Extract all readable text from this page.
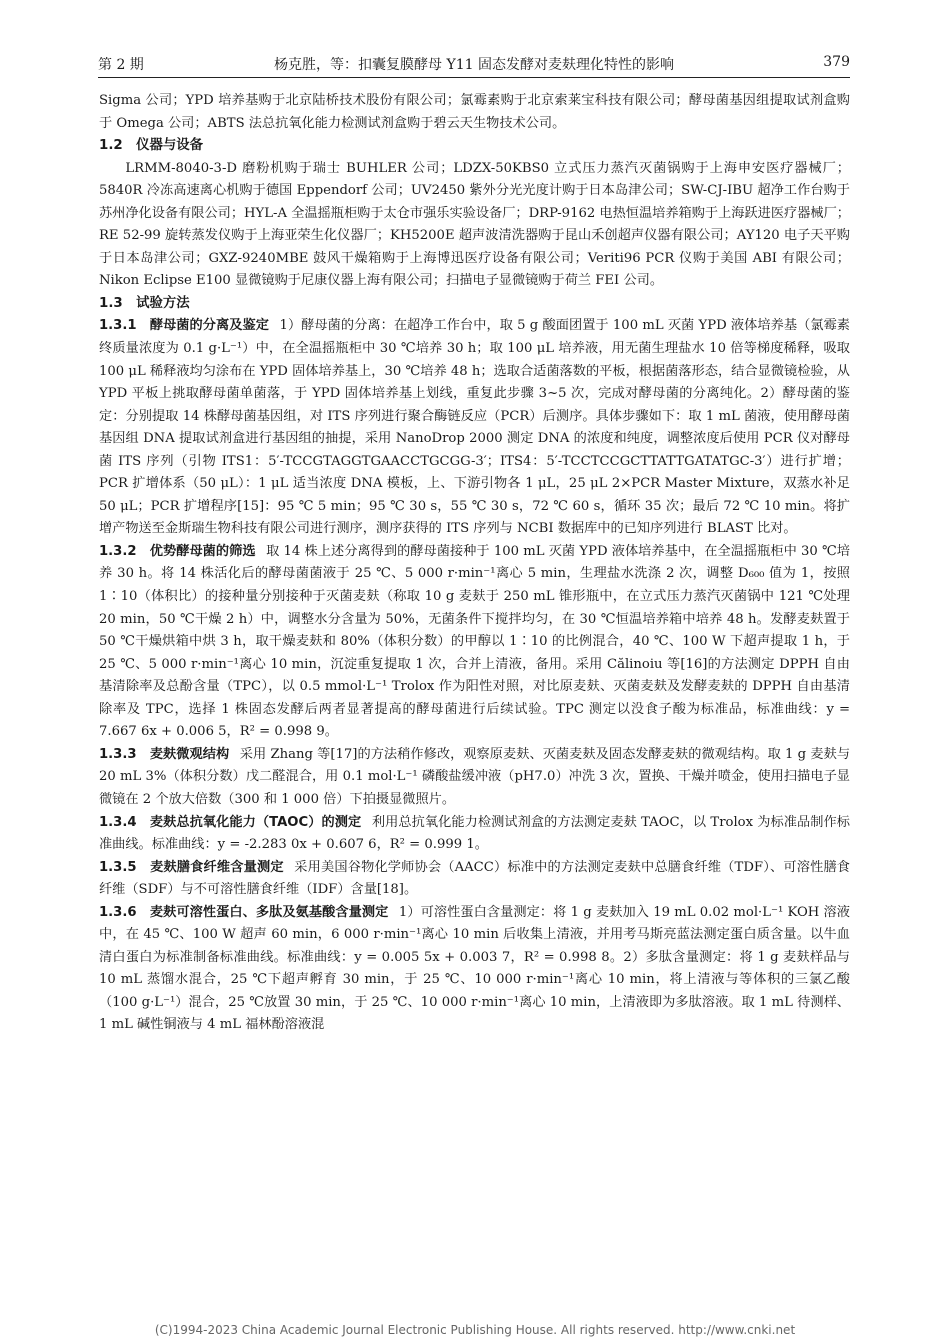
第 2 期	杨克胜，等：扣囊复膜酵母 Y11 固态发酵对麦麸理化特性的影响	379

Sigma 公司；YPD 培养基购于北京陆桥技术股份有限公司；氯霉素购于北京索莱宝科技有限公司；酵母菌基因组提取试剂盒购于 Omega 公司；ABTS 法总抗氧化能力检测试剂盒购于碧云天生物技术公司。

1.2　仪器与设备

LRMM-8040-3-D 磨粉机购于瑞士 BUHLER 公司；LDZX-50KBS0 立式压力蒸汽灭菌锅购于上海申安医疗器械厂；5840R 冷冻高速离心机购于德国 Eppendorf 公司；UV2450 紫外分光光度计购于日本岛津公司；SW-CJ-IBU 超净工作台购于苏州净化设备有限公司；HYL-A 全温摇瓶柜购于太仓市强乐实验设备厂；DRP-9162 电热恒温培养箱购于上海跃进医疗器械厂；RE 52-99 旋转蒸发仪购于上海亚荣生化仪器厂；KH5200E 超声波清洗器购于昆山禾创超声仪器有限公司；AY120 电子天平购于日本岛津公司；GXZ-9240MBE 鼓风干燥箱购于上海博迅医疗设备有限公司；Veriti96 PCR 仪购于美国 ABI 有限公司；Nikon Eclipse E100 显微镜购于尼康仪器上海有限公司；扫描电子显微镜购于荷兰 FEI 公司。

1.3　试验方法

1.3.1　酵母菌的分离及鉴定 1）酵母菌的分离：在超净工作台中，取 5 g 酸面团置于 100 mL 灭菌 YPD 液体培养基（氯霉素终质量浓度为 0.1 g·L⁻¹）中，在全温摇瓶柜中 30 ℃培养 30 h；取 100 μL 培养液，用无菌生理盐水 10 倍等梯度稀释，吸取 100 μL 稀释液均匀涂布在 YPD 固体培养基上，30 ℃培养 48 h；选取合适菌落数的平板，根据菌落形态，结合显微镜检验，从 YPD 平板上挑取酵母菌单菌落，于 YPD 固体培养基上划线，重复此步骤 3~5 次，完成对酵母菌的分离纯化。2）酵母菌的鉴定：分别提取 14 株酵母菌基因组，对 ITS 序列进行聚合酶链反应（PCR）后测序。具体步骤如下：取 1 mL 菌液，使用酵母菌基因组 DNA 提取试剂盒进行基因组的抽提，采用 NanoDrop 2000 测定 DNA 的浓度和纯度，调整浓度后使用 PCR 仪对酵母菌 ITS 序列（引物 ITS1：5′-TCCGTAGGTGAACCTGCGG-3′；ITS4：5′-TCCTCCGCTTATTGATATGC-3′）进行扩增；PCR 扩增体系（50 μL）：1 μL 适当浓度 DNA 模板，上、下游引物各 1 μL，25 μL 2×PCR Master Mixture，双蒸水补足 50 μL；PCR 扩增程序[15]：95 ℃ 5 min；95 ℃ 30 s，55 ℃ 30 s，72 ℃ 60 s，循环 35 次；最后 72 ℃ 10 min。将扩增产物送至金斯瑞生物科技有限公司进行测序，测序获得的 ITS 序列与 NCBI 数据库中的已知序列进行 BLAST 比对。

1.3.2　优势酵母菌的筛选 取 14 株上述分离得到的酵母菌接种于 100 mL 灭菌 YPD 液体培养基中，在全温摇瓶柜中 30 ℃培养 30 h。将 14 株活化后的酵母菌菌液于 25 ℃、5 000 r·min⁻¹离心 5 min，生理盐水洗涤 2 次，调整 D₆₀₀ 值为 1，按照 1∶10（体积比）的接种量分别接种于灭菌麦麸（称取 10 g 麦麸于 250 mL 锥形瓶中，在立式压力蒸汽灭菌锅中 121 ℃处理 20 min，50 ℃干燥 2 h）中，调整水分含量为 50%，无菌条件下搅拌均匀，在 30 ℃恒温培养箱中培养 48 h。发酵麦麸置于 50 ℃干燥烘箱中烘 3 h，取干燥麦麸和 80%（体积分数）的甲醇以 1∶10 的比例混合，40 ℃、100 W 下超声提取 1 h，于 25 ℃、5 000 r·min⁻¹离心 10 min，沉淀重复提取 1 次，合并上清液，备用。采用 Călinoiu 等[16]的方法测定 DPPH 自由基清除率及总酚含量（TPC），以 0.5 mmol·L⁻¹ Trolox 作为阳性对照，对比原麦麸、灭菌麦麸及发酵麦麸的 DPPH 自由基清除率及 TPC，选择 1 株固态发酵后两者显著提高的酵母菌进行后续试验。TPC 测定以没食子酸为标准品，标准曲线：y = 7.667 6x + 0.006 5，R² = 0.998 9。

1.3.3　麦麸微观结构 采用 Zhang 等[17]的方法稍作修改，观察原麦麸、灭菌麦麸及固态发酵麦麸的微观结构。取 1 g 麦麸与 20 mL 3%（体积分数）戊二醛混合，用 0.1 mol·L⁻¹ 磷酸盐缓冲液（pH7.0）冲洗 3 次，置换、干燥并喷金，使用扫描电子显微镜在 2 个放大倍数（300 和 1 000 倍）下拍摄显微照片。

1.3.4　麦麸总抗氧化能力（TAOC）的测定 利用总抗氧化能力检测试剂盒的方法测定麦麸 TAOC，以 Trolox 为标准品制作标准曲线。标准曲线：y = -2.283 0x + 0.607 6，R² = 0.999 1。

1.3.5　麦麸膳食纤维含量测定 采用美国谷物化学师协会（AACC）标准中的方法测定麦麸中总膳食纤维（TDF）、可溶性膳食纤维（SDF）与不可溶性膳食纤维（IDF）含量[18]。

1.3.6　麦麸可溶性蛋白、多肽及氨基酸含量测定 1）可溶性蛋白含量测定：将 1 g 麦麸加入 19 mL 0.02 mol·L⁻¹ KOH 溶液中，在 45 ℃、100 W 超声 60 min，6 000 r·min⁻¹离心 10 min 后收集上清液，并用考马斯亮蓝法测定蛋白质含量。以牛血清白蛋白为标准制备标准曲线。标准曲线：y = 0.005 5x + 0.003 7，R² = 0.998 8。2）多肽含量测定：将 1 g 麦麸样品与 10 mL 蒸馏水混合，25 ℃下超声孵育 30 min，于 25 ℃、10 000 r·min⁻¹离心 10 min，将上清液与等体积的三氯乙酸（100 g·L⁻¹）混合，25 ℃放置 30 min，于 25 ℃、10 000 r·min⁻¹离心 10 min，上清液即为多肽溶液。取 1 mL 待测样、1 mL 碱性铜液与 4 mL 福林酚溶液混

(C)1994-2023 China Academic Journal Electronic Publishing House. All rights reserved. http://www.cnki.net
